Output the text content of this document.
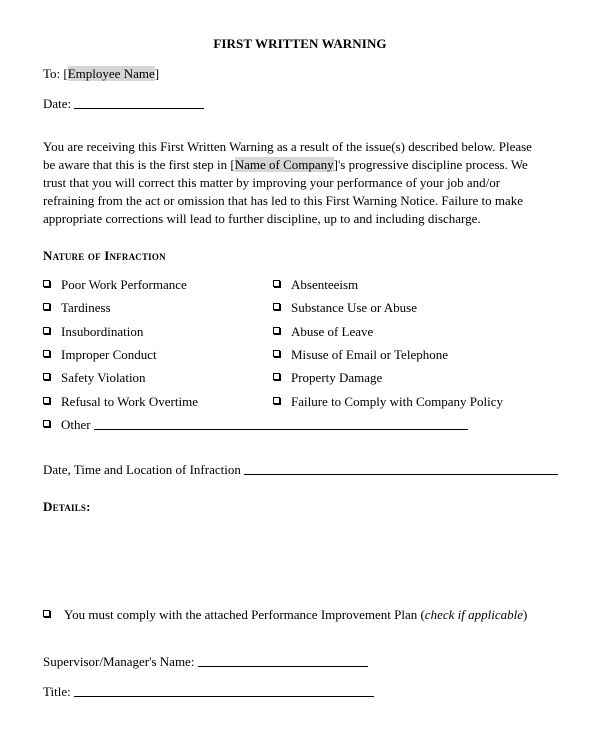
FIRST WRITTEN WARNING
To: [Employee Name]
Date:
You are receiving this First Written Warning as a result of the issue(s) described below. Please
be aware that this is the first step in [Name of Company]'s progressive discipline process. We
trust that you will correct this matter by improving your performance of your job and/or
refraining from the act or omission that has led to this First Warning Notice. Failure to make
appropriate corrections will lead to further discipline, up to and including discharge.
Nature of Infraction
Poor Work Performance
Tardiness
Insubordination
Improper Conduct
Safety Violation
Refusal to Work Overtime
Absenteeism
Substance Use or Abuse
Abuse of Leave
Misuse of Email or Telephone
Property Damage
Failure to Comply with Company Policy
Other
Date, Time and Location of Infraction
Details:
You must comply with the attached Performance Improvement Plan (check if applicable)
Supervisor/Manager's Name:
Title:
